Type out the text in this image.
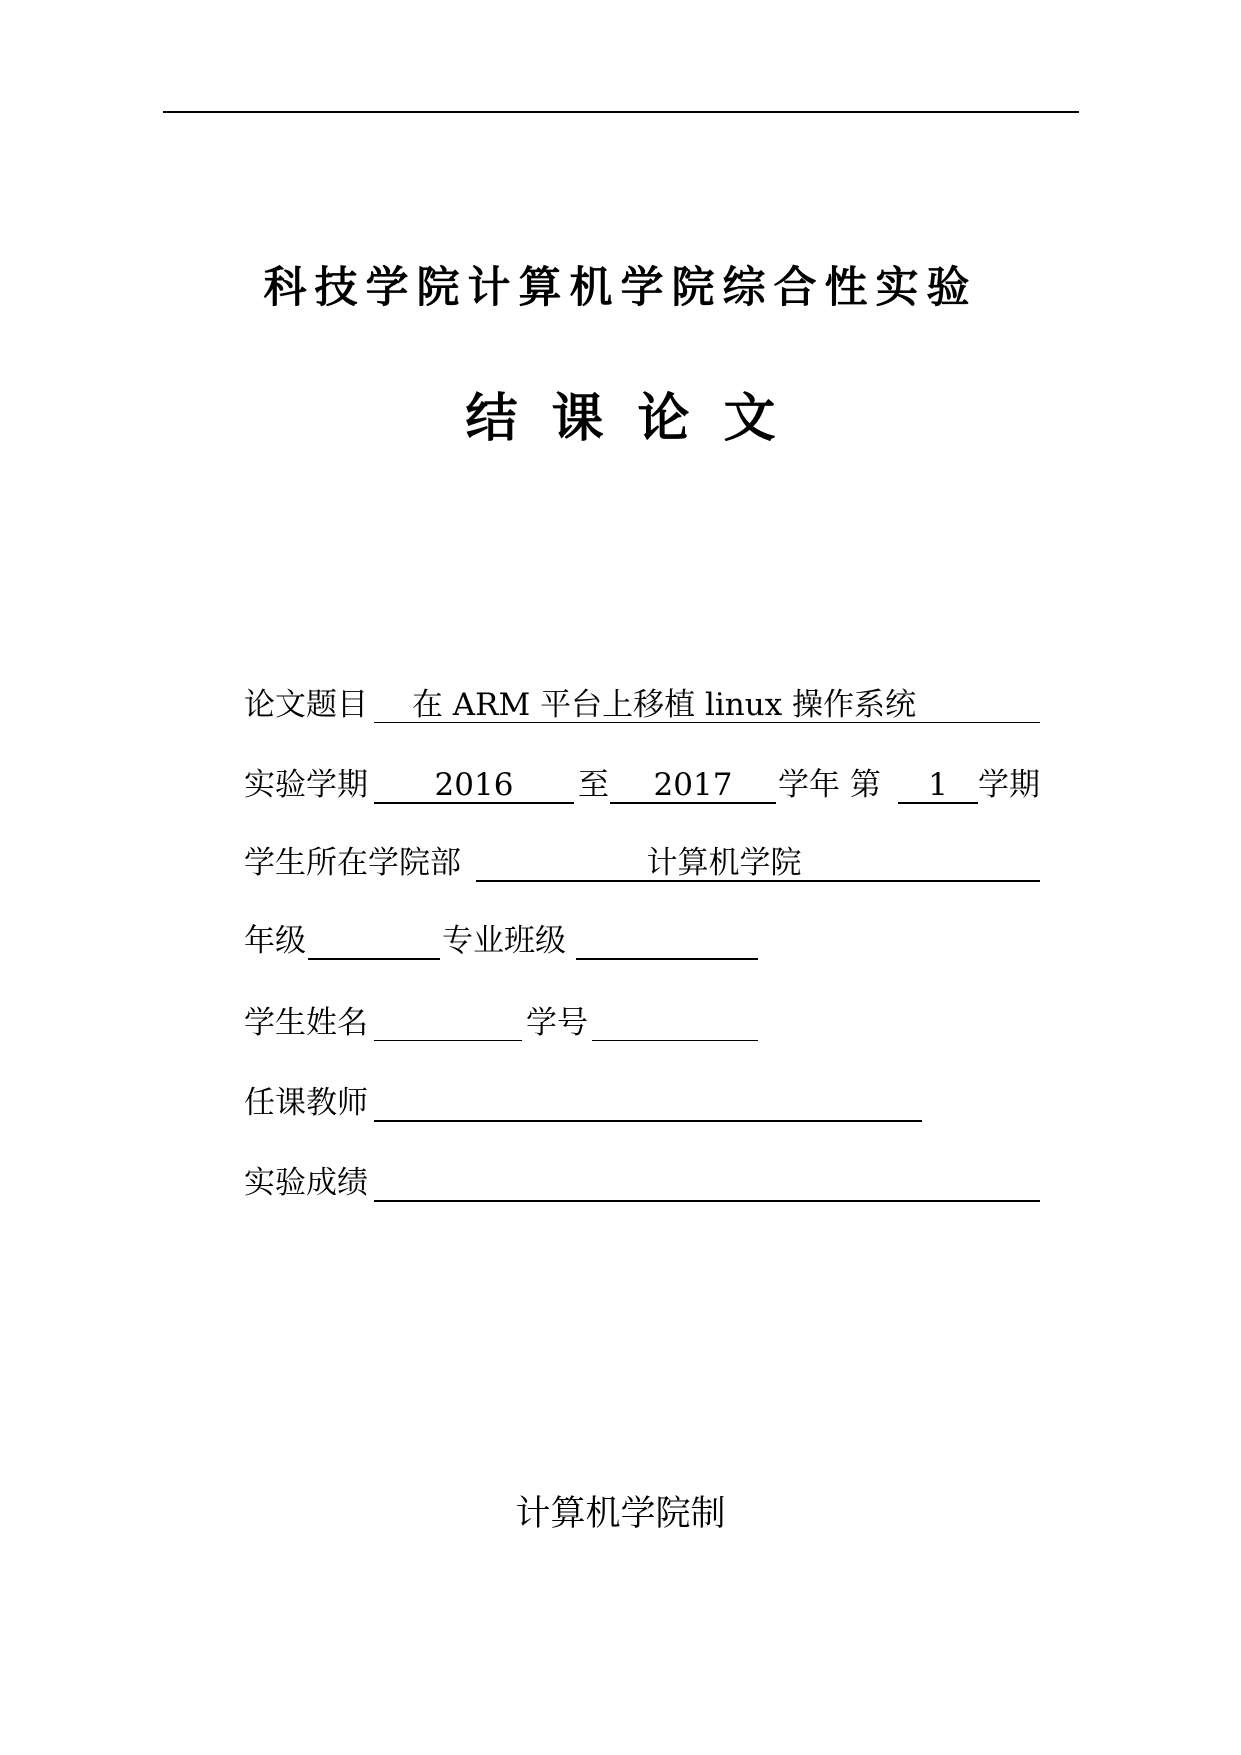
科技学院计算机学院综合性实验
结课论文
论文题目	在 ARM 平台上移植 linux 操作系统
实验学期	2016	至	2017	学年 第	1 学期
学生所在学院部	计算机学院
年级	专业班级
学生姓名	学号
任课教师
实验成绩
计算机学院制
